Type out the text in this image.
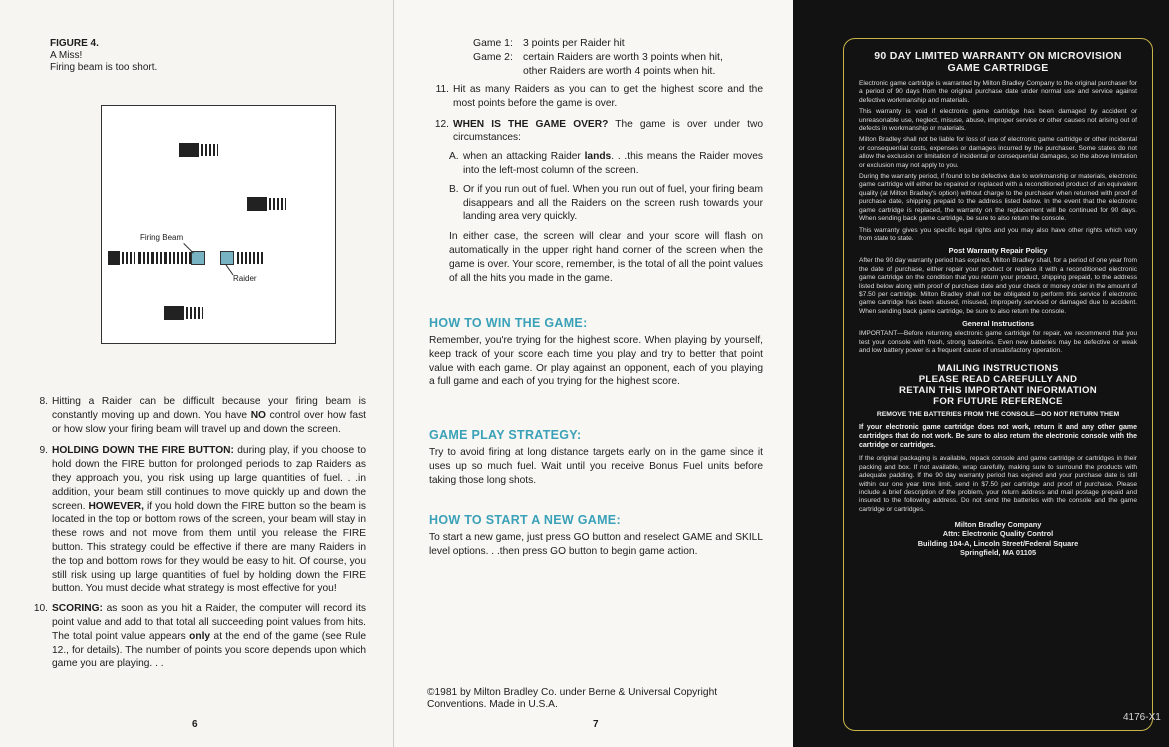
FIGURE 4.
A Miss!
Firing beam is too short.
Firing Beam
Raider
8. Hitting a Raider can be difficult because your firing beam is constantly moving up and down. You have NO control over how fast or how slow your firing beam will travel up and down the screen.
9. HOLDING DOWN THE FIRE BUTTON: during play, if you choose to hold down the FIRE button for prolonged periods to zap Raiders as they approach you, you risk using up large quantities of fuel. . .in addition, your beam still continues to move quickly up and down the screen. HOWEVER, if you hold down the FIRE button so the beam is located in the top or bottom rows of the screen, your beam will stay in these rows and not move from them until you release the FIRE button. This strategy could be effective if there are many Raiders in the top and bottom rows for they would be easy to hit. Of course, you still risk using up large quantities of fuel by holding down the FIRE button. You must decide what strategy is most effective for you!
10. SCORING: as soon as you hit a Raider, the computer will record its point value and add to that total all succeeding point values from hits. The total point value appears only at the end of the game (see Rule 12., for details). The number of points you score depends upon which game you are playing. . .
6
Game 1: 3 points per Raider hit
Game 2: certain Raiders are worth 3 points when hit,
other Raiders are worth 4 points when hit.
11. Hit as many Raiders as you can to get the highest score and the most points before the game is over.
12. WHEN IS THE GAME OVER? The game is over under two circumstances:
A. when an attacking Raider lands. . .this means the Raider moves into the left-most column of the screen.
B. Or if you run out of fuel. When you run out of fuel, your firing beam disappears and all the Raiders on the screen rush towards your landing area very quickly.

In either case, the screen will clear and your score will flash on automatically in the upper right hand corner of the screen when the game is over. Your score, remember, is the total of all the point values of all the hits you made in the game.

HOW TO WIN THE GAME:

Remember, you're trying for the highest score. When playing by yourself, keep track of your score each time you play and try to better that point value with each game. Or play against an opponent, each of you playing a full game and each of you trying for the highest score.

GAME PLAY STRATEGY:

Try to avoid firing at long distance targets early on in the game since it uses up so much fuel. Wait until you receive Bonus Fuel units before taking those long shots.

HOW TO START A NEW GAME:

To start a new game, just press GO button and reselect GAME and SKILL level options. . .then press GO button to begin game action.

©1981 by Milton Bradley Co. under Berne & Universal Copyright
Conventions. Made in U.S.A.
7
90 DAY LIMITED WARRANTY ON MICROVISION
GAME CARTRIDGE

Electronic game cartridge is warranted by Milton Bradley Company to the original purchaser for a period of 90 days from the original purchase date under normal use and service against defective workmanship and materials.

This warranty is void if electronic game cartridge has been damaged by accident or unreasonable use, neglect, misuse, abuse, improper service or other causes not arising out of defects in workmanship or materials.

Milton Bradley shall not be liable for loss of use of electronic game cartridge or other incidental or consequential costs, expenses or damages incurred by the purchaser. Some states do not allow the exclusion or limitation of incidental or consequential damages, so the above limitation or exclusion may not apply to you.

During the warranty period, if found to be defective due to workmanship or materials, electronic game cartridge will either be repaired or replaced with a reconditioned product of an equivalent quality (at Milton Bradley's option) without charge to the purchaser when returned with proof of purchase date, shipping prepaid to the address listed below. In the event that the electronic game cartridge is replaced, the warranty on the replacement will be continued for 90 days. When sending back game cartridge, be sure to also return the console.

This warranty gives you specific legal rights and you may also have other rights which vary from state to state.

Post Warranty Repair Policy

After the 90 day warranty period has expired, Milton Bradley shall, for a period of one year from the date of purchase, either repair your product or replace it with a reconditioned electronic game cartridge on the condition that you return your product, shipping prepaid, to the address listed below along with proof of purchase date and your check or money order in the amount of $7.50 per cartridge. Milton Bradley shall not be obligated to perform this service if electronic game cartridge has been abused, misused, improperly serviced or damaged due to accident. When sending back game cartridge, be sure to also return the console.

General Instructions

IMPORTANT—Before returning electronic game cartridge for repair, we recommend that you test your console with fresh, strong batteries. Even new batteries may be defective or weak and low battery power is a frequent cause of unsatisfactory operation.

MAILING INSTRUCTIONS
PLEASE READ CAREFULLY AND
RETAIN THIS IMPORTANT INFORMATION
FOR FUTURE REFERENCE
REMOVE THE BATTERIES FROM THE CONSOLE—DO NOT RETURN THEM

If your electronic game cartridge does not work, return it and any other game cartridges that do not work. Be sure to also return the electronic console with the cartridge or cartridges.

If the original packaging is available, repack console and game cartridge or cartridges in their packing and box. If not available, wrap carefully, making sure to surround the products with adequate padding. If the 90 day warranty period has expired and your purchase date is still within our one year time limit, send in $7.50 per cartridge and proof of purchase. Please include a brief description of the problem, your return address and mail postage prepaid and insured to the following address. Do not send the batteries with the console and the game cartridge or cartridges.

Milton Bradley Company
Attn: Electronic Quality Control
Building 104-A, Lincoln Street/Federal Square
Springfield, MA 01105
4176-X1
